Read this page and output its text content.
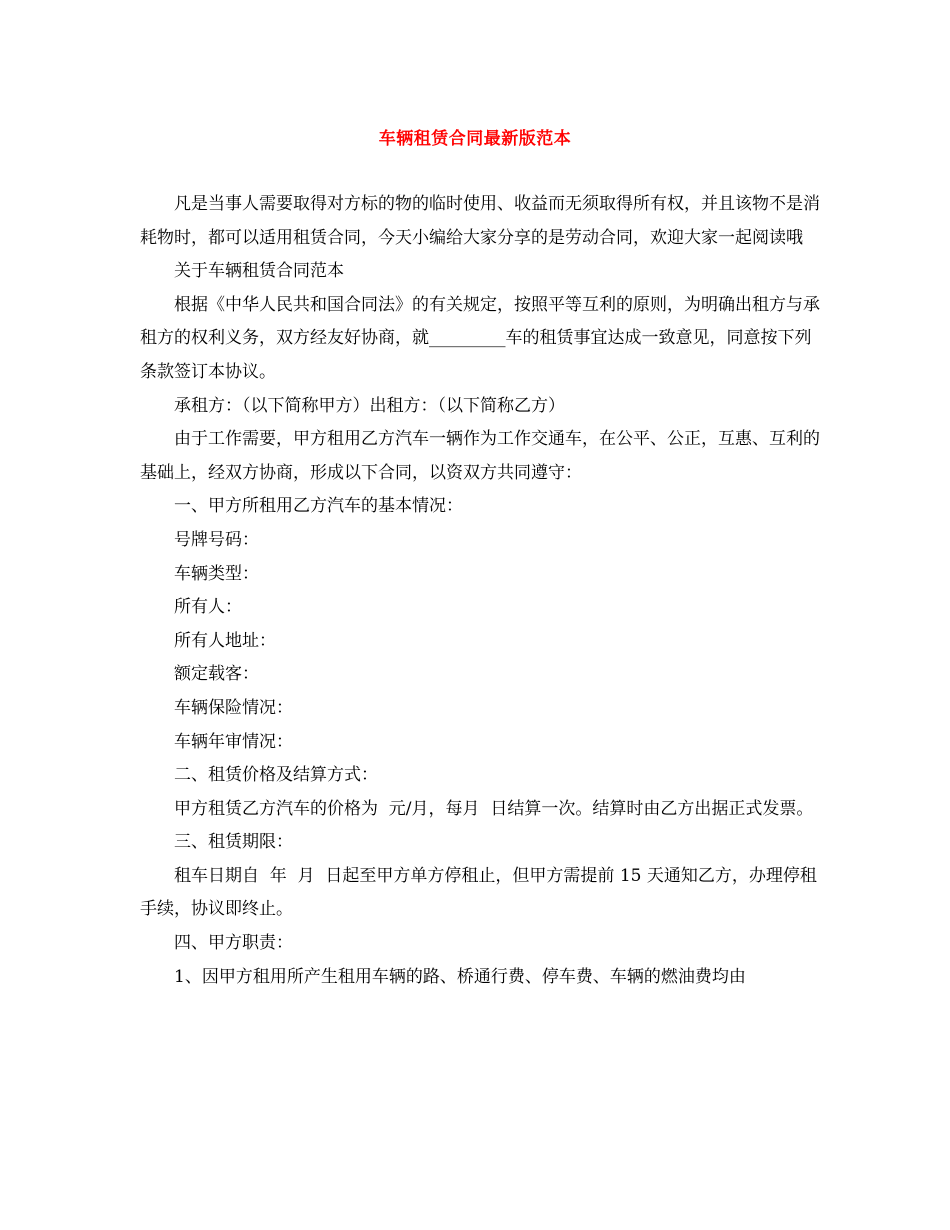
车辆租赁合同最新版范本

凡是当事人需要取得对方标的物的临时使用、收益而无须取得所有权，并且该物不是消耗物时，都可以适用租赁合同，今天小编给大家分享的是劳动合同，欢迎大家一起阅读哦

关于车辆租赁合同范本

根据《中华人民共和国合同法》的有关规定，按照平等互利的原则，为明确出租方与承租方的权利义务，双方经友好协商，就_________车的租赁事宜达成一致意见，同意按下列条款签订本协议。

承租方：（以下简称甲方）出租方：（以下简称乙方）

由于工作需要，甲方租用乙方汽车一辆作为工作交通车，在公平、公正，互惠、互利的基础上，经双方协商，形成以下合同，以资双方共同遵守：

一、甲方所租用乙方汽车的基本情况：

号牌号码：

车辆类型：

所有人：

所有人地址：

额定载客：

车辆保险情况：

车辆年审情况：

二、租赁价格及结算方式：

甲方租赁乙方汽车的价格为  元/月，每月  日结算一次。结算时由乙方出据正式发票。

三、租赁期限：

租车日期自  年  月  日起至甲方单方停租止，但甲方需提前 15 天通知乙方，办理停租手续，协议即终止。

四、甲方职责：

1、因甲方租用所产生租用车辆的路、桥通行费、停车费、车辆的燃油费均由
